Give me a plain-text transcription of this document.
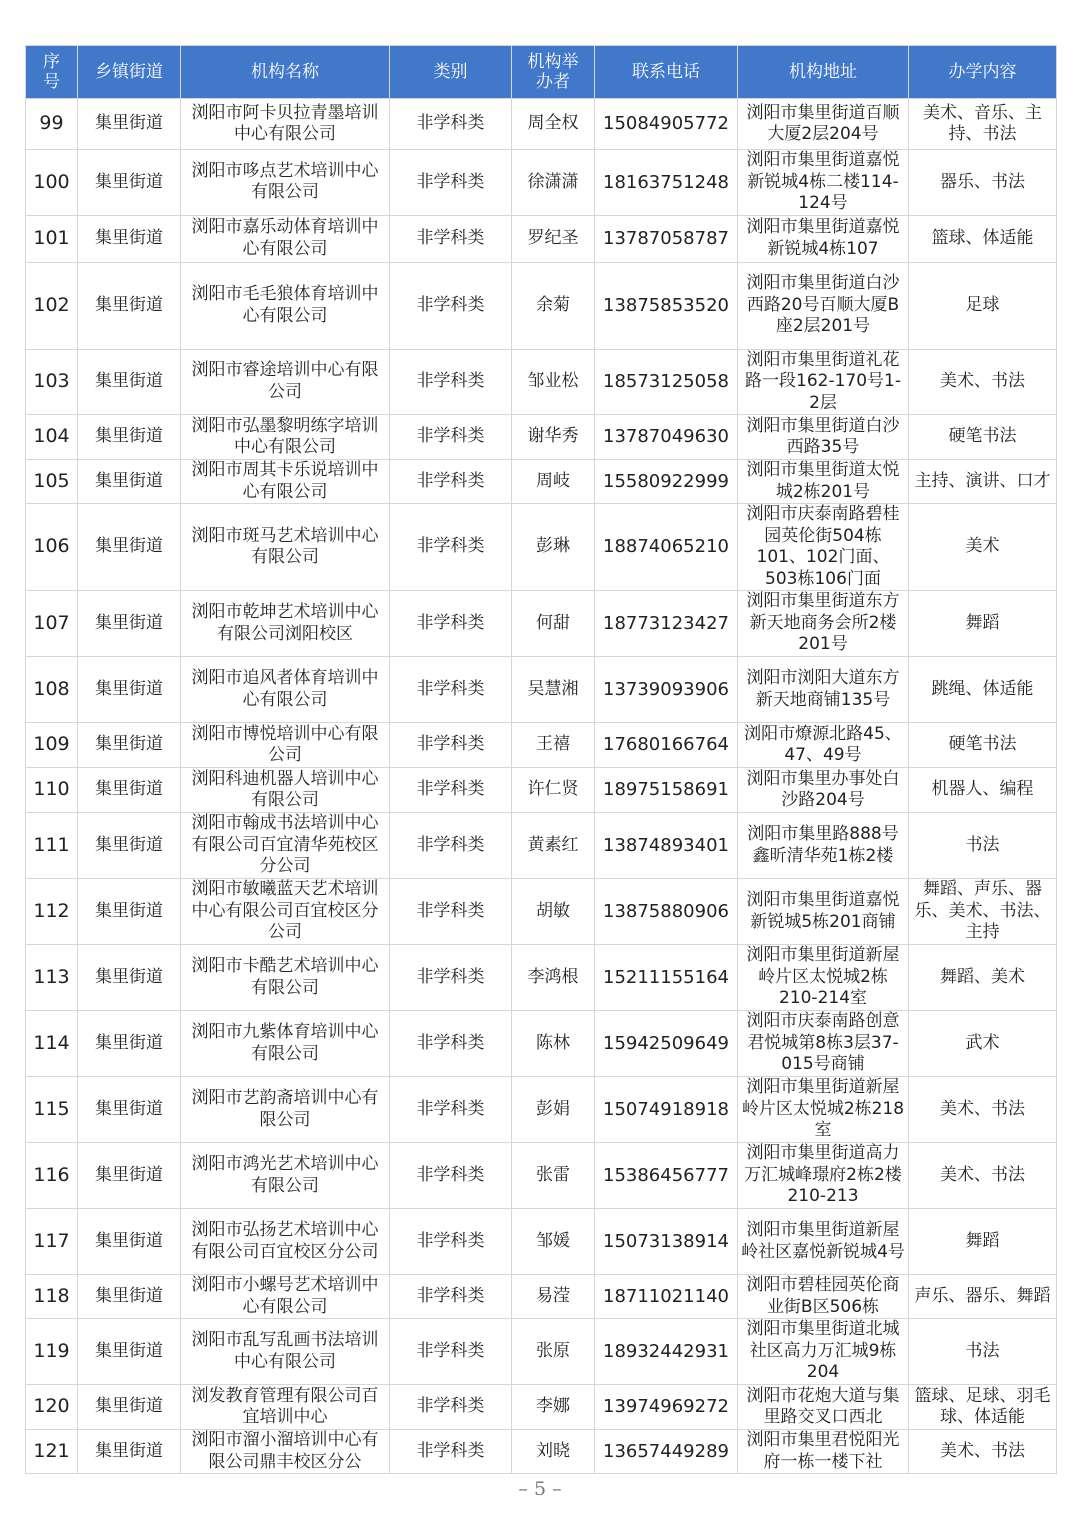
序号	乡镇街道	机构名称	类别	机构举办者	联系电话	机构地址	办学内容
99	集里街道	浏阳市阿卡贝拉青墨培训中心有限公司	非学科类	周全权	15084905772	浏阳市集里街道百顺大厦2层204号	美术、音乐、主持、书法
100	集里街道	浏阳市哆点艺术培训中心有限公司	非学科类	徐潇潇	18163751248	浏阳市集里街道嘉悦新锐城4栋二楼114-124号	器乐、书法
101	集里街道	浏阳市嘉乐动体育培训中心有限公司	非学科类	罗纪圣	13787058787	浏阳市集里街道嘉悦新锐城4栋107	篮球、体适能
102	集里街道	浏阳市毛毛狼体育培训中心有限公司	非学科类	余菊	13875853520	浏阳市集里街道白沙西路20号百顺大厦B座2层201号	足球
103	集里街道	浏阳市睿途培训中心有限公司	非学科类	邹业松	18573125058	浏阳市集里街道礼花路一段162-170号1-2层	美术、书法
104	集里街道	浏阳市弘墨黎明练字培训中心有限公司	非学科类	谢华秀	13787049630	浏阳市集里街道白沙西路35号	硬笔书法
105	集里街道	浏阳市周其卡乐说培训中心有限公司	非学科类	周岐	15580922999	浏阳市集里街道太悦城2栋201号	主持、演讲、口才
106	集里街道	浏阳市斑马艺术培训中心有限公司	非学科类	彭琳	18874065210	浏阳市庆泰南路碧桂园英伦街504栋101、102门面、503栋106门面	美术
107	集里街道	浏阳市乾坤艺术培训中心有限公司浏阳校区	非学科类	何甜	18773123427	浏阳市集里街道东方新天地商务会所2楼201号	舞蹈
108	集里街道	浏阳市追风者体育培训中心有限公司	非学科类	吴慧湘	13739093906	浏阳市浏阳大道东方新天地商铺135号	跳绳、体适能
109	集里街道	浏阳市博悦培训中心有限公司	非学科类	王禧	17680166764	浏阳市燎源北路45、47、49号	硬笔书法
110	集里街道	浏阳科迪机器人培训中心有限公司	非学科类	许仁贤	18975158691	浏阳市集里办事处白沙路204号	机器人、编程
111	集里街道	浏阳市翰成书法培训中心有限公司百宜清华苑校区分公司	非学科类	黄素红	13874893401	浏阳市集里路888号鑫昕清华苑1栋2楼	书法
112	集里街道	浏阳市敏曦蓝天艺术培训中心有限公司百宜校区分公司	非学科类	胡敏	13875880906	浏阳市集里街道嘉悦新锐城5栋201商铺	舞蹈、声乐、器乐、美术、书法、主持
113	集里街道	浏阳市卡酷艺术培训中心有限公司	非学科类	李鸿根	15211155164	浏阳市集里街道新屋岭片区太悦城2栋210-214室	舞蹈、美术
114	集里街道	浏阳市九紫体育培训中心有限公司	非学科类	陈林	15942509649	浏阳市庆泰南路创意君悦城第8栋3层37-015号商铺	武术
115	集里街道	浏阳市艺韵斋培训中心有限公司	非学科类	彭娟	15074918918	浏阳市集里街道新屋岭片区太悦城2栋218室	美术、书法
116	集里街道	浏阳市鸿光艺术培训中心有限公司	非学科类	张雷	15386456777	浏阳市集里街道高力万汇城峰璟府2栋2楼210-213	美术、书法
117	集里街道	浏阳市弘扬艺术培训中心有限公司百宜校区分公司	非学科类	邹媛	15073138914	浏阳市集里街道新屋岭社区嘉悦新锐城4号	舞蹈
118	集里街道	浏阳市小螺号艺术培训中心有限公司	非学科类	易滢	18711021140	浏阳市碧桂园英伦商业街B区506栋	声乐、器乐、舞蹈
119	集里街道	浏阳市乱写乱画书法培训中心有限公司	非学科类	张原	18932442931	浏阳市集里街道北城社区高力万汇城9栋204	书法
120	集里街道	浏发教育管理有限公司百宜培训中心	非学科类	李娜	13974969272	浏阳市花炮大道与集里路交叉口西北	篮球、足球、羽毛球、体适能
121	集里街道	浏阳市溜小溜培训中心有限公司鼎丰校区分公	非学科类	刘晓	13657449289	浏阳市集里君悦阳光府一栋一楼下社	美术、书法
– 5 –
